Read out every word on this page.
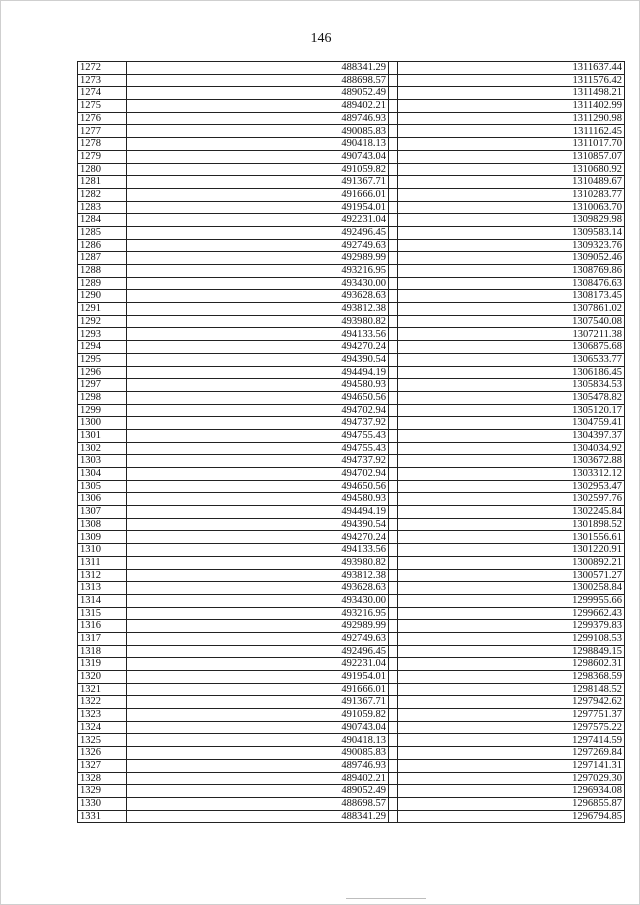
146
1272	488341.29		1311637.44
1273	488698.57		1311576.42
1274	489052.49		1311498.21
1275	489402.21		1311402.99
1276	489746.93		1311290.98
1277	490085.83		1311162.45
1278	490418.13		1311017.70
1279	490743.04		1310857.07
1280	491059.82		1310680.92
1281	491367.71		1310489.67
1282	491666.01		1310283.77
1283	491954.01		1310063.70
1284	492231.04		1309829.98
1285	492496.45		1309583.14
1286	492749.63		1309323.76
1287	492989.99		1309052.46
1288	493216.95		1308769.86
1289	493430.00		1308476.63
1290	493628.63		1308173.45
1291	493812.38		1307861.02
1292	493980.82		1307540.08
1293	494133.56		1307211.38
1294	494270.24		1306875.68
1295	494390.54		1306533.77
1296	494494.19		1306186.45
1297	494580.93		1305834.53
1298	494650.56		1305478.82
1299	494702.94		1305120.17
1300	494737.92		1304759.41
1301	494755.43		1304397.37
1302	494755.43		1304034.92
1303	494737.92		1303672.88
1304	494702.94		1303312.12
1305	494650.56		1302953.47
1306	494580.93		1302597.76
1307	494494.19		1302245.84
1308	494390.54		1301898.52
1309	494270.24		1301556.61
1310	494133.56		1301220.91
1311	493980.82		1300892.21
1312	493812.38		1300571.27
1313	493628.63		1300258.84
1314	493430.00		1299955.66
1315	493216.95		1299662.43
1316	492989.99		1299379.83
1317	492749.63		1299108.53
1318	492496.45		1298849.15
1319	492231.04		1298602.31
1320	491954.01		1298368.59
1321	491666.01		1298148.52
1322	491367.71		1297942.62
1323	491059.82		1297751.37
1324	490743.04		1297575.22
1325	490418.13		1297414.59
1326	490085.83		1297269.84
1327	489746.93		1297141.31
1328	489402.21		1297029.30
1329	489052.49		1296934.08
1330	488698.57		1296855.87
1331	488341.29		1296794.85
